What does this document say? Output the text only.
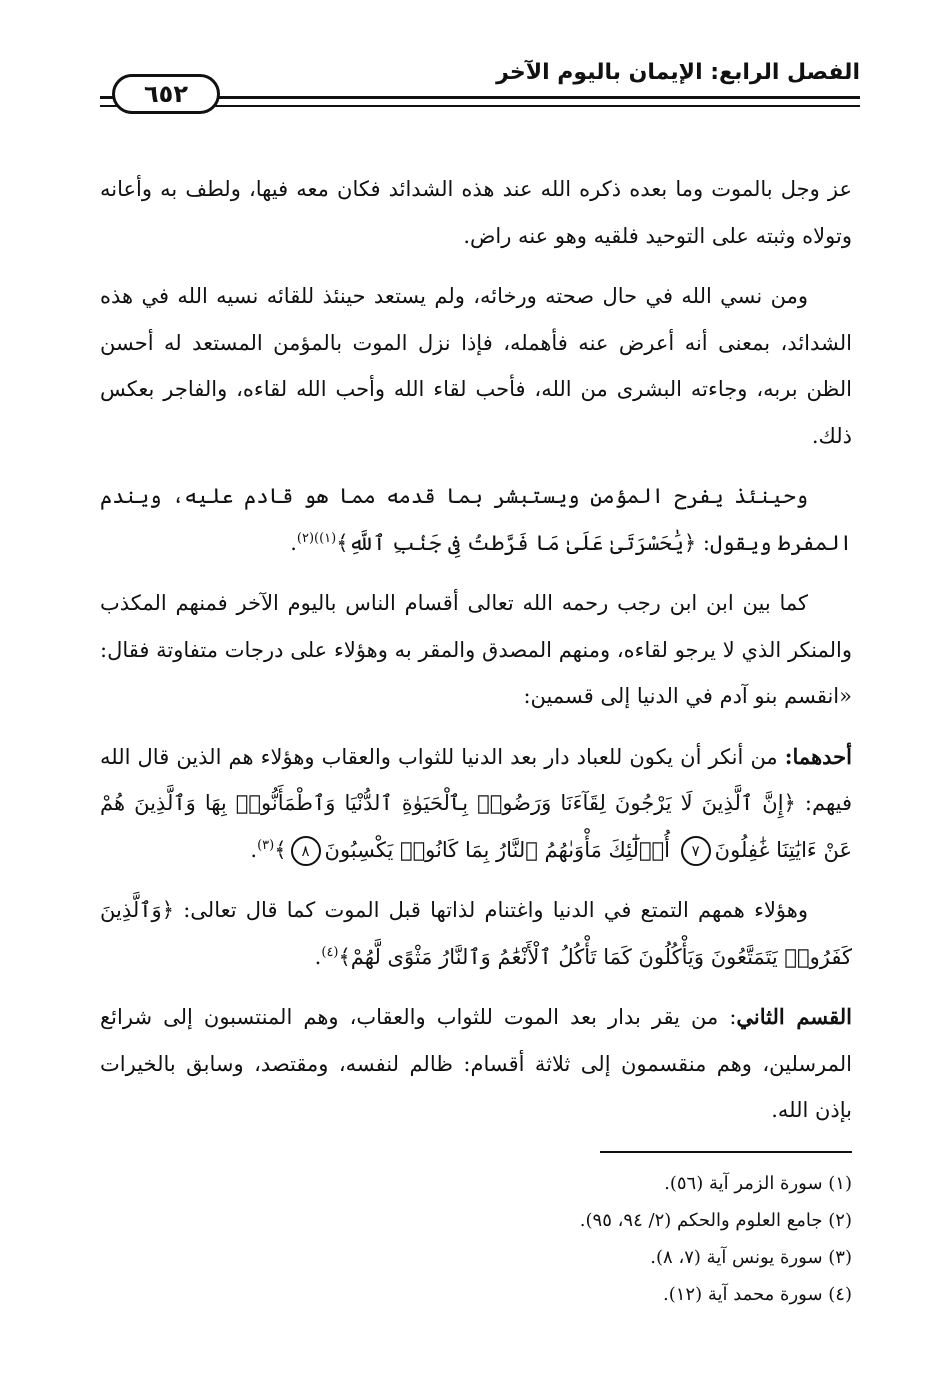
٦٥٢
الفصل الرابع: الإيمان باليوم الآخر

عز وجل بالموت وما بعده ذكره الله عند هذه الشدائد فكان معه فيها، ولطف به وأعانه وتولاه وثبته على التوحيد فلقيه وهو عنه راض.

ومن نسي الله في حال صحته ورخائه، ولم يستعد حينئذ للقائه نسيه الله في هذه الشدائد، بمعنى أنه أعرض عنه فأهمله، فإذا نزل الموت بالمؤمن المستعد له أحسن الظن بربه، وجاءته البشرى من الله، فأحب لقاء الله وأحب الله لقاءه، والفاجر بعكس ذلك.

وحينئذ يفرح المؤمن ويستبشر بما قدمه مما هو قادم عليه، ويندم المفرط ويقول: ﴿يَٰحَسْرَتَىٰ عَلَىٰ مَا فَرَّطتُ فِى جَنۢبِ ٱللَّهِ﴾$^{(١))(٢)}$.

كما بين ابن ابن رجب رحمه الله تعالى أقسام الناس باليوم الآخر فمنهم المكذب والمنكر الذي لا يرجو لقاءه، ومنهم المصدق والمقر به وهؤلاء على درجات متفاوتة فقال: «انقسم بنو آدم في الدنيا إلى قسمين:

أحدهما: من أنكر أن يكون للعباد دار بعد الدنيا للثواب والعقاب وهؤلاء هم الذين قال الله فيهم: ﴿إِنَّ ٱلَّذِينَ لَا يَرْجُونَ لِقَآءَنَا وَرَضُوا۟ بِٱلْحَيَوٰةِ ٱلدُّنْيَا وَٱطْمَأَنُّوا۟ بِهَا وَٱلَّذِينَ هُمْ عَنْ ءَايَٰتِنَا غَٰفِلُونَ٧ أُو۟لَٰٓئِكَ مَأْوَىٰهُمُ ٱلنَّارُ بِمَا كَانُوا۟ يَكْسِبُونَ٨﴾$^{(٣)}$.

وهؤلاء همهم التمتع في الدنيا واغتنام لذاتها قبل الموت كما قال تعالى: ﴿وَٱلَّذِينَ كَفَرُوا۟ يَتَمَتَّعُونَ وَيَأْكُلُونَ كَمَا تَأْكُلُ ٱلْأَنْعَٰمُ وَٱلنَّارُ مَثْوًى لَّهُمْ﴾$^{(٤)}$.

القسم الثاني: من يقر بدار بعد الموت للثواب والعقاب، وهم المنتسبون إلى شرائع المرسلين، وهم منقسمون إلى ثلاثة أقسام: ظالم لنفسه، ومقتصد، وسابق بالخيرات بإذن الله.

(١) سورة الزمر آية (٥٦).
(٢) جامع العلوم والحكم (٢/ ٩٤، ٩٥).
(٣) سورة يونس آية (٧، ٨).
(٤) سورة محمد آية (١٢).
